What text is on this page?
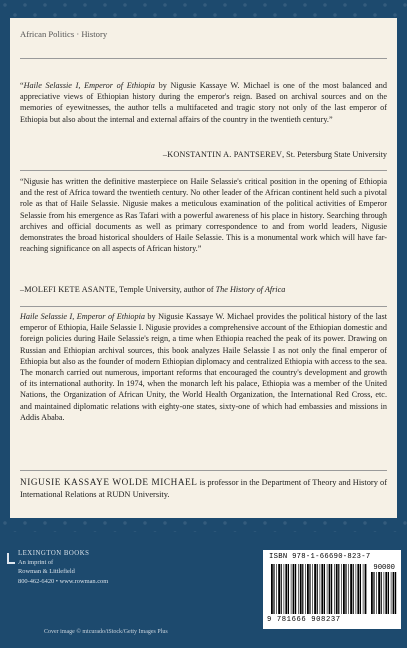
African Politics · History
“Haile Selassie I, Emperor of Ethiopia by Nigusie Kassaye W. Michael is one of the most balanced and appreciative views of Ethiopian history during the emperor's reign. Based on archival sources and on the memories of eyewitnesses, the author tells a multifaceted and tragic story not only of the last emperor of Ethiopia but also about the internal and external affairs of the country in the twentieth century.”
–KONSTANTIN A. PANTSEREV, St. Petersburg State University
“Nigusie has written the definitive masterpiece on Haile Selassie's critical position in the opening of Ethiopia and the rest of Africa toward the twentieth century. No other leader of the African continent held such a pivotal role as that of Haile Selassie. Nigusie makes a meticulous examination of the political activities of Emperor Selassie from his emergence as Ras Tafari with a powerful awareness of his place in history. Searching through archives and official documents as well as primary correspondence to and from world leaders, Nigusie demonstrates the broad historical shoulders of Haile Selassie. This is a monumental work which will have far-reaching significance on all aspects of African history.”
–MOLEFI KETE ASANTE, Temple University, author of The History of Africa
Haile Selassie I, Emperor of Ethiopia by Nigusie Kassaye W. Michael provides the political history of the last emperor of Ethiopia, Haile Selassie I. Nigusie provides a comprehensive account of the Ethiopian domestic and foreign policies during Haile Selassie's reign, a time when Ethiopia reached the peak of its power. Drawing on Russian and Ethiopian archival sources, this book analyzes Haile Selassie I as not only the final emperor of Ethiopia but also as the founder of modern Ethiopian diplomacy and centralized Ethiopia with access to the sea. The monarch carried out numerous, important reforms that encouraged the country's development and growth of its international authority. In 1974, when the monarch left his palace, Ethiopia was a member of the United Nations, the Organization of African Unity, the World Health Organization, the International Red Cross, etc. and maintained diplomatic relations with eighty-one states, sixty-one of which had embassies and missions in Addis Ababa.
NIGUSIE KASSAYE WOLDE MICHAEL is professor in the Department of Theory and History of International Relations at RUDN University.
LEXINGTON BOOKS
An imprint of
Rowman & Littlefield
800-462-6420 • www.rowman.com
Cover image © mtcurado/iStock/Getty Images Plus
ISBN 978-1-66690-823-7
90000
9 781666 908237
